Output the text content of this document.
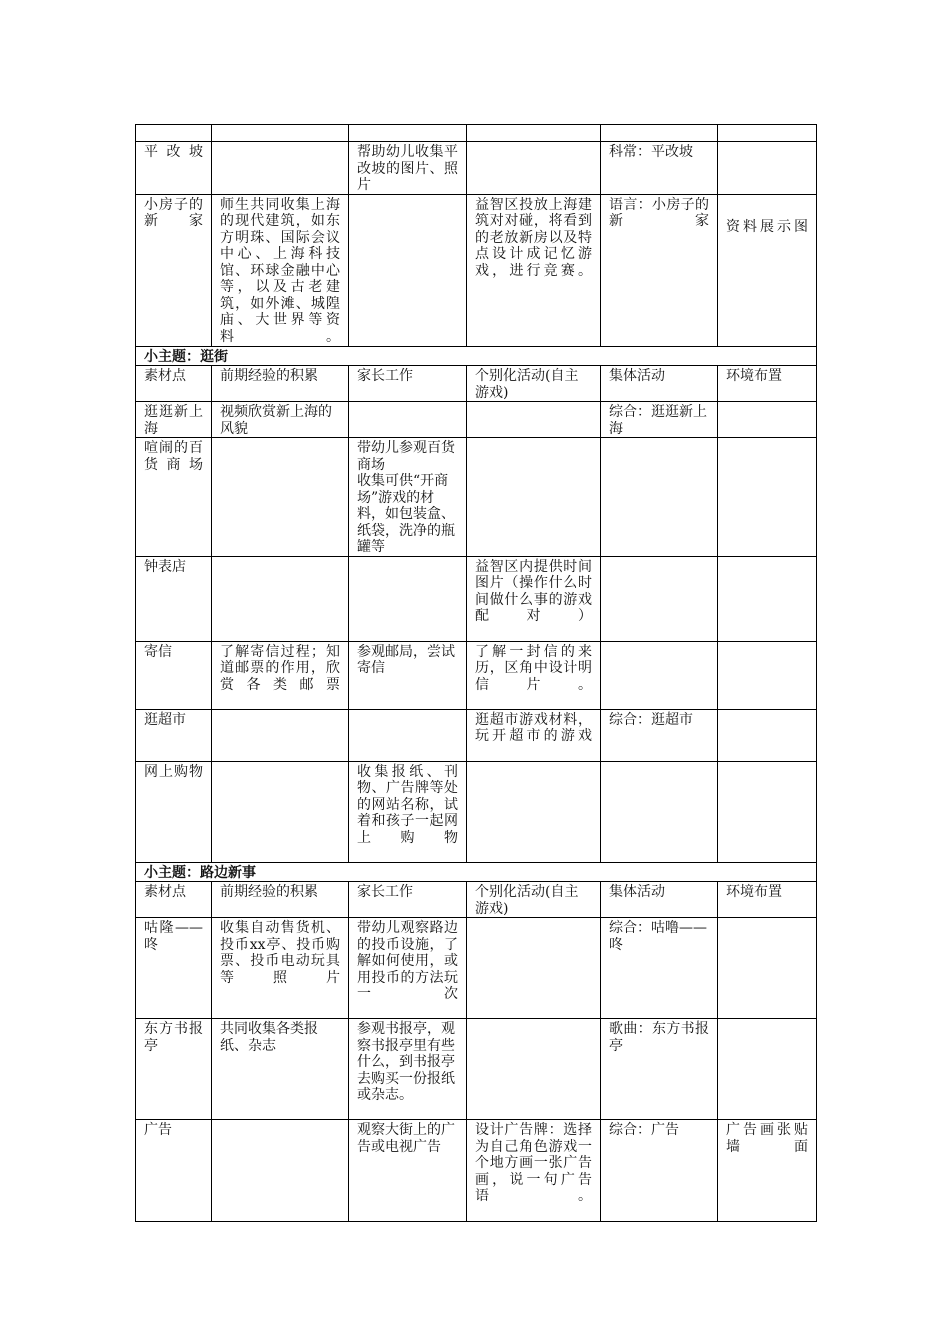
平改坡		帮助幼儿收集平改坡的图片、照片		科常：平改坡	
小房子的新家	师生共同收集上海的现代建筑，如东方明珠、国际会议中心、上海科技馆、环球金融中心等，以及古老建筑，如外滩、城隍庙、大世界等资料。		益智区投放上海建筑对对碰，将看到的老放新房以及特点设计成记忆游戏，进行竞赛。	语言：小房子的新家	资料展示图

小主题：逛街					
素材点	前期经验的积累	家长工作	个别化活动(自主游戏)	集体活动	环境布置
逛逛新上海	视频欣赏新上海的风貌			综合：逛逛新上海	
喧闹的百货商场		带幼儿参观百货商场
收集可供“开商场”游戏的材料，如包装盒、纸袋，洗净的瓶罐等			
钟表店			益智区内提供时间图片（操作什么时间做什么事的游戏配对）		
寄信	了解寄信过程；知道邮票的作用，欣赏各类邮票	参观邮局，尝试寄信	了解一封信的来历，区角中设计明信片。		
逛超市			逛超市游戏材料，玩开超市的游戏	综合：逛超市	
网上购物		收集报纸、刊物、广告牌等处的网站名称，试着和孩子一起网上购物			
小主题：路边新事					
素材点	前期经验的积累	家长工作	个别化活动(自主游戏)	集体活动	环境布置
咕隆——咚	收集自动售货机、投币xx亭、投币购票、投币电动玩具等照片	带幼儿观察路边的投币设施，了解如何使用，或用投币的方法玩一次		综合：咕噜——咚	
东方书报亭	共同收集各类报纸、杂志	参观书报亭，观察书报亭里有些什么，到书报亭去购买一份报纸或杂志。		歌曲：东方书报亭	
广告		观察大街上的广告或电视广告	设计广告牌：选择为自己角色游戏一个地方画一张广告画，说一句广告语。	综合：广告	广告画张贴墙面
